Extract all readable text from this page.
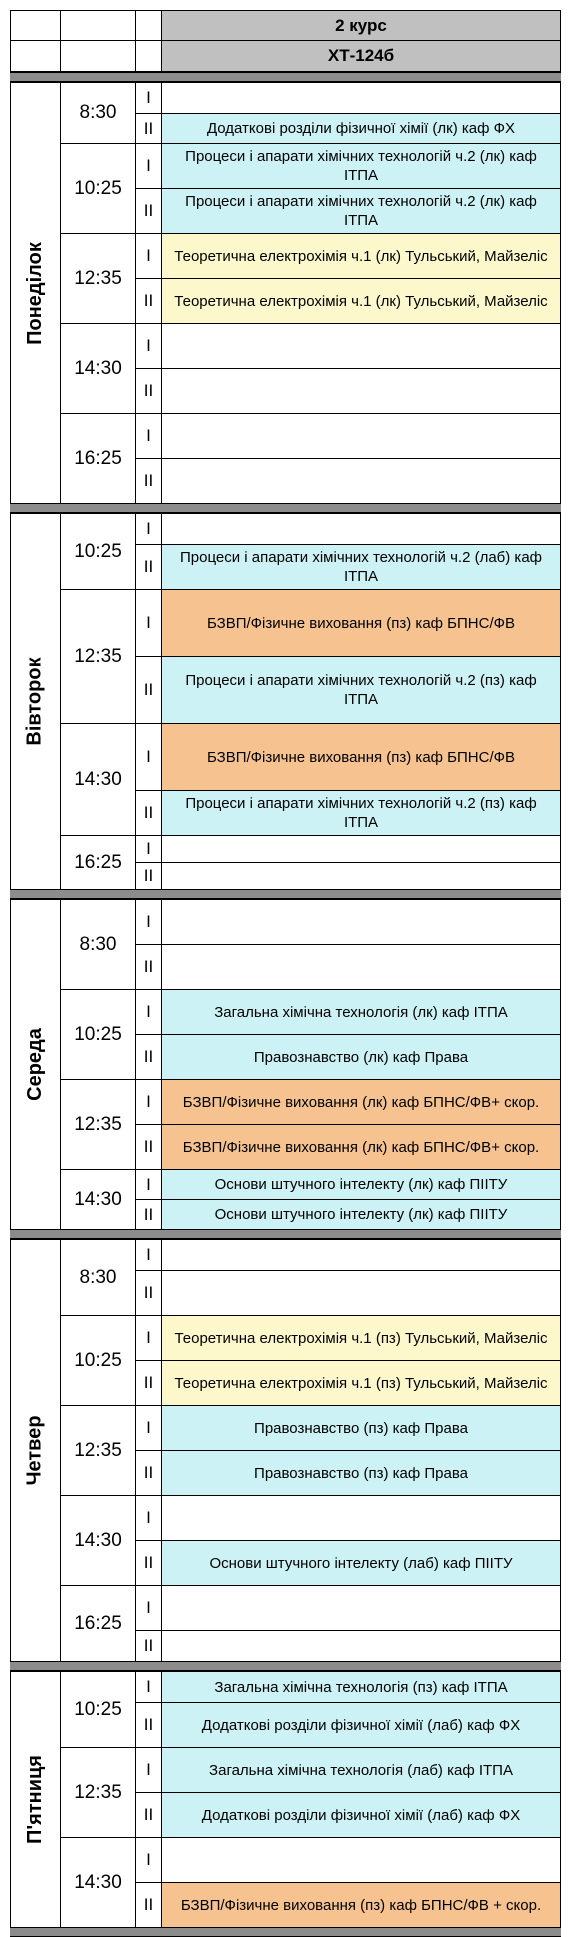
2 курс
ХТ-124б
Понеділок
8:30
I
II	Додаткові розділи фізичної хімії (лк) каф ФХ
10:25
I	Процеси і апарати хімічних технологій ч.2 (лк) каф ІТПА
II	Процеси і апарати хімічних технологій ч.2 (лк) каф ІТПА
12:35
I	Теоретична електрохімія ч.1 (лк) Тульський, Майзеліс
II	Теоретична електрохімія ч.1 (лк) Тульський, Майзеліс
14:30
I
II
16:25
I
II
Вівторок
10:25
I
II	Процеси і апарати хімічних технологій ч.2 (лаб) каф ІТПА
12:35
I	БЗВП/Фізичне виховання (пз) каф БПНС/ФВ
II	Процеси і апарати хімічних технологій ч.2 (пз) каф ІТПА
14:30
I	БЗВП/Фізичне виховання (пз) каф БПНС/ФВ
II	Процеси і апарати хімічних технологій ч.2 (пз) каф ІТПА
16:25
I
II
Середа
8:30
I
II
10:25
I	Загальна хімічна технологія (лк) каф ІТПА
II	Правознавство (лк) каф Права
12:35
I	БЗВП/Фізичне виховання (лк) каф БПНС/ФВ+ скор.
II	БЗВП/Фізичне виховання (лк) каф БПНС/ФВ+ скор.
14:30
I	Основи штучного інтелекту (лк) каф ПІІТУ
II	Основи штучного інтелекту (лк) каф ПІІТУ
Четвер
8:30
I
II
10:25
I	Теоретична електрохімія ч.1 (пз) Тульський, Майзеліс
II	Теоретична електрохімія ч.1 (пз) Тульський, Майзеліс
12:35
I	Правознавство (пз) каф Права
II	Правознавство (пз) каф Права
14:30
I
II	Основи штучного інтелекту (лаб) каф ПІІТУ
16:25
I
II
П'ятниця
10:25
I	Загальна хімічна технологія (пз) каф ІТПА
II	Додаткові розділи фізичної хімії (лаб) каф ФХ
12:35
I	Загальна хімічна технологія (лаб) каф ІТПА
II	Додаткові розділи фізичної хімії (лаб) каф ФХ
14:30
I
II	БЗВП/Фізичне виховання (пз) каф БПНС/ФВ + скор.
